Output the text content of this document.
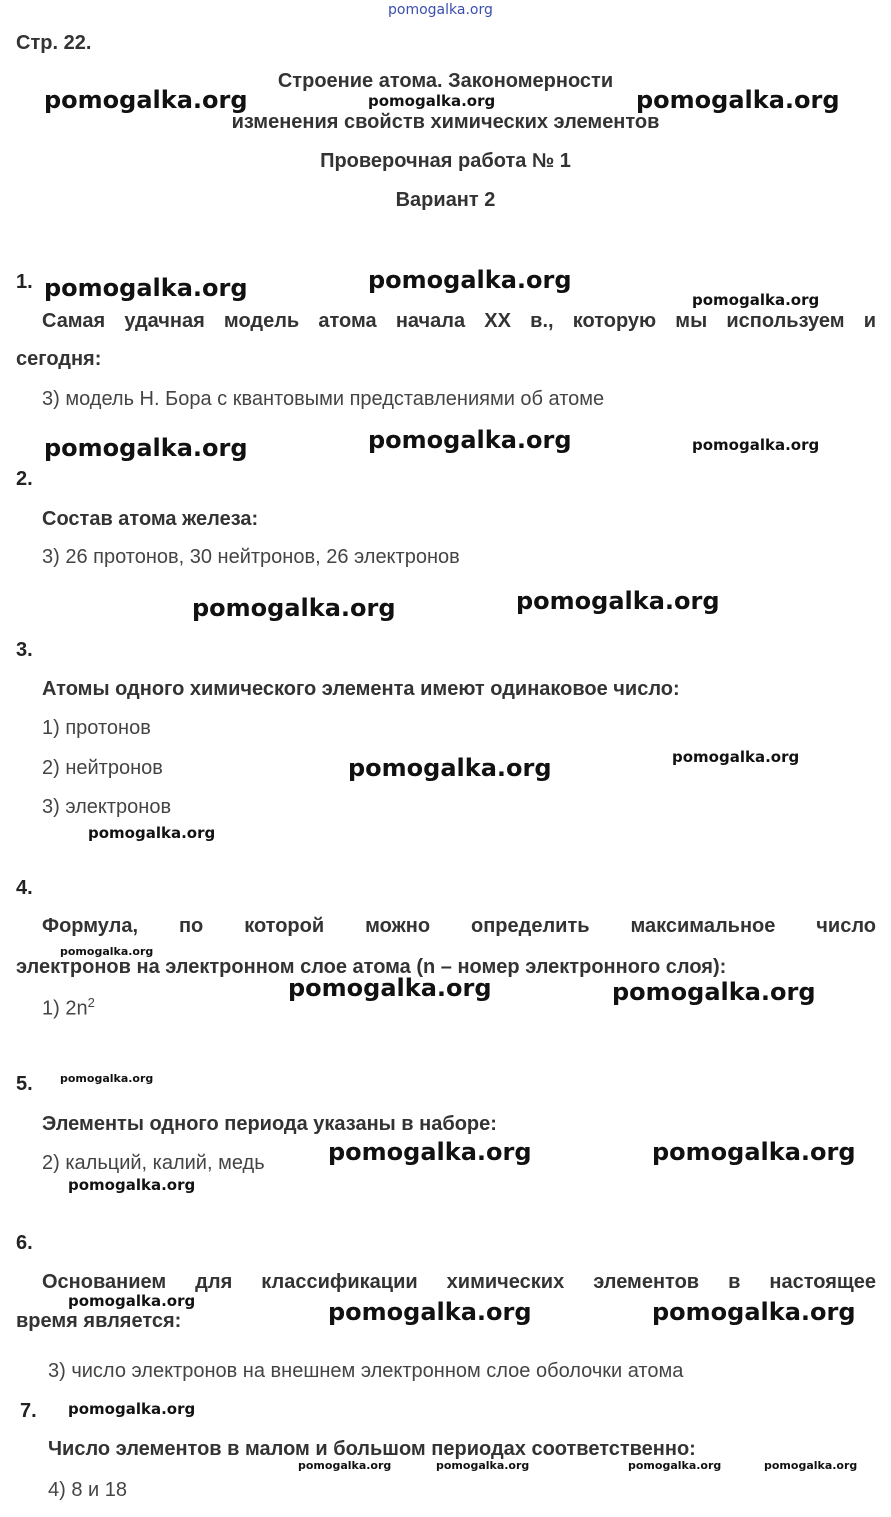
pomogalka.org
Стр. 22.
Строение атома. Закономерности
изменения свойств химических элементов
Проверочная работа № 1
Вариант 2
pomogalka.org	pomogalka.org	pomogalka.org
1. pomogalka.org	pomogalka.org
pomogalka.org
Самая удачная модель атома начала XX в., которую мы используем и
сегодня:
3) модель Н. Бора с квантовыми представлениями об атоме
pomogalka.org	pomogalka.org	pomogalka.org
2.
Состав атома железа:
3) 26 протонов, 30 нейтронов, 26 электронов
pomogalka.org	pomogalka.org
3.
Атомы одного химического элемента имеют одинаковое число:
1) протонов
2) нейтронов	pomogalka.org	pomogalka.org
3) электронов
pomogalka.org
4.
Формула, по которой можно определить максимальное число
pomogalka.org
электронов на электронном слое атома (n – номер электронного слоя):
pomogalka.org	pomogalka.org
1) $2n^2$
5. pomogalka.org
Элементы одного периода указаны в наборе:
2) кальций, калий, медь	pomogalka.org	pomogalka.org
pomogalka.org
6.
Основанием для классификации химических элементов в настоящее
pomogalka.org
время является:	pomogalka.org	pomogalka.org
3) число электронов на внешнем электронном слое оболочки атома
7. pomogalka.org
Число элементов в малом и большом периодах соответственно:
pomogalka.org	pomogalka.org	pomogalka.org	pomogalka.org
4) 8 и 18
